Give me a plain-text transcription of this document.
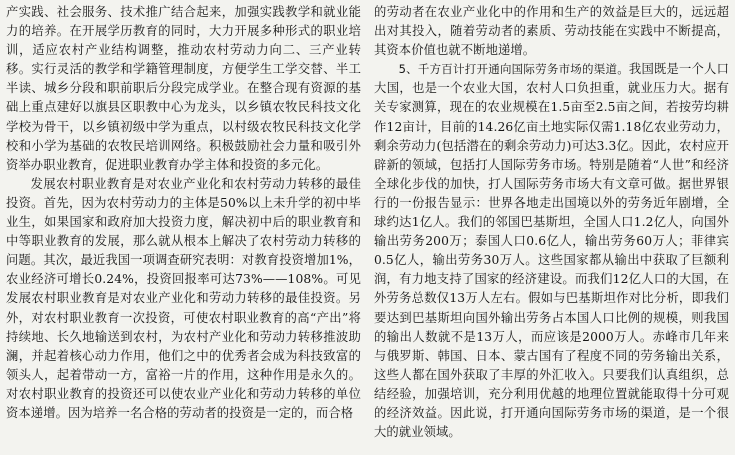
产实践、社会服务、技术推广结合起来，加强实践教学和就业能力的培养。在开展学历教育的同时，大力开展多种形式的职业培训，适应农村产业结构调整，推动农村劳动力向二、三产业转移。实行灵活的教学和学籍管理制度，方便学生工学交替、半工半读、城乡分段和职前职后分段完成学业。在整合现有资源的基础上重点建好以旗县区职教中心为龙头，以乡镇农牧民科技文化学校为骨干，以乡镇初级中学为重点，以村级农牧民科技文化学校和小学为基础的农牧民培训网络。积极鼓励社会力量和吸引外资举办职业教育，促进职业教育办学主体和投资的多元化。

发展农村职业教育是对农业产业化和农村劳动力转移的最佳投资。首先，因为农村劳动力的主体是50%以上未升学的初中毕业生，如果国家和政府加大投资力度，解决初中后的职业教育和中等职业教育的发展，那么就从根本上解决了农村劳动力转移的问题。其次，最近我国一项调查研究表明：对教育投资增加1%，农业经济可增长0.24%，投资回报率可达73%——108%。可见发展农村职业教育是对农业产业化和劳动力转移的最佳投资。另外，对农村职业教育一次投资，可使农村职业教育的高“产出”将持续地、长久地输送到农村，为农村产业化和劳动力转移推波助澜，并起着核心动力作用，他们之中的优秀者会成为科技致富的领头人，起着带动一方，富裕一片的作用，这种作用是永久的。对农村职业教育的投资还可以使农业产业化和劳动力转移的单位资本递增。因为培养一名合格的劳动者的投资是一定的，而合格

的劳动者在农业产业化中的作用和生产的效益是巨大的，远远超出对其投入，随着劳动者的素质、劳动技能在实践中不断提高，其资本价值也就不断地递增。

5、千方百计打开通向国际劳务市场的渠道。我国既是一个人口大国，也是一个农业大国，农村人口负担重，就业压力大。据有关专家测算，现在的农业规模在1.5亩至2.5亩之间，若按劳均耕作12亩计，目前的14.26亿亩土地实际仅需1.18亿农业劳动力，剩余劳动力(包括潜在的剩余劳动力)可达3.3亿。因此，农村应开辟新的领域，包括打人国际劳务市场。特别是随着“人世”和经济全球化步伐的加快，打人国际劳务市场大有文章可做。据世界银行的一份报告显示：世界各地走出国境以外的劳务近年剧增，全球约达1亿人。我们的邻国巴基斯坦，全国人口1.2亿人，向国外输出劳务200万；泰国人口0.6亿人，输出劳务60万人；菲律宾0.5亿人，输出劳务30万人。这些国家都从输出中获取了巨额利润，有力地支持了国家的经济建设。而我们12亿人口的大国，在外劳务总数仅13万人左右。假如与巴基斯坦作对比分析，即我们要达到巴基斯坦向国外输出劳务占本国人口比例的规模，则我国的输出人数就不是13万人，而应该是2000万人。赤峰市几年来与俄罗斯、韩国、日本、蒙古国有了程度不同的劳务输出关系，这些人都在国外获取了丰厚的外汇收入。只要我们认真组织，总结经验，加强培训，充分利用优越的地理位置就能取得十分可观的经济效益。因此说，打开通向国际劳务市场的渠道，是一个很大的就业领域。
